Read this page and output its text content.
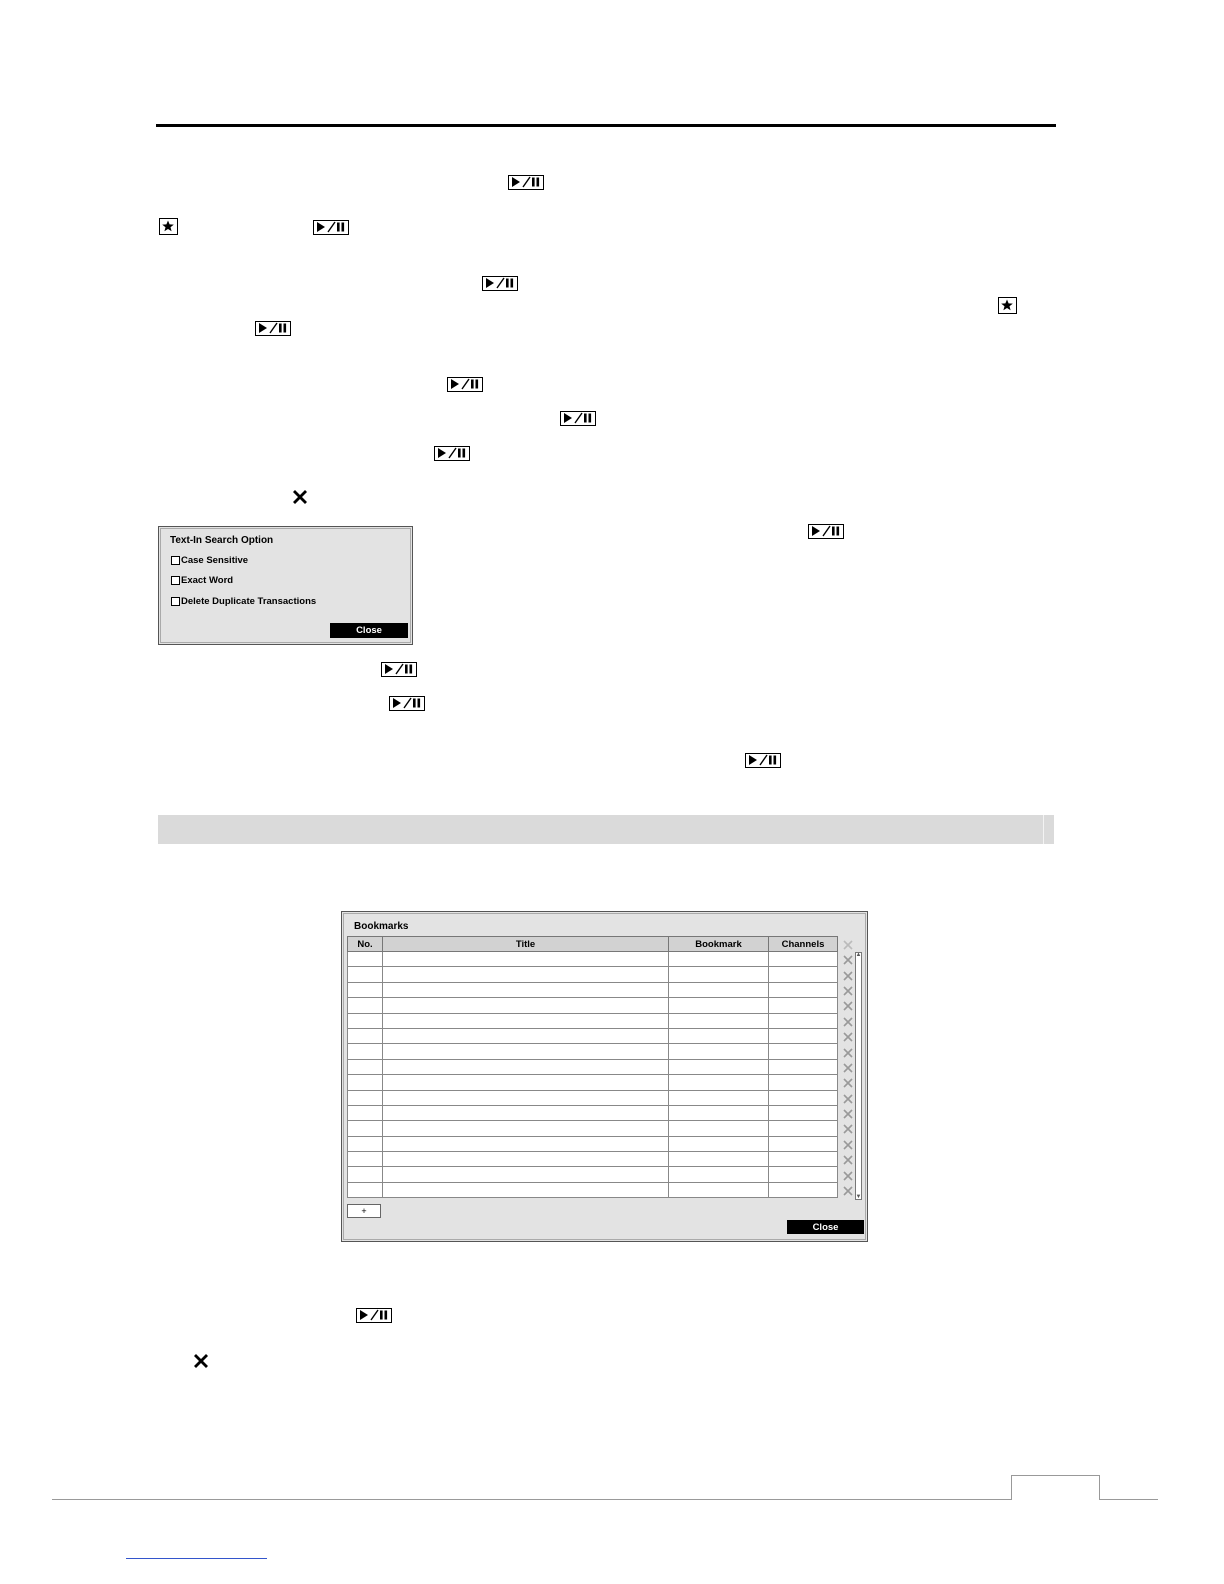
Text-In Search Option
Case Sensitive
Exact Word
Delete Duplicate Transactions
Close
Bookmarks
No.	Title	Bookmark	Channels	

▲
▼
+
Close
